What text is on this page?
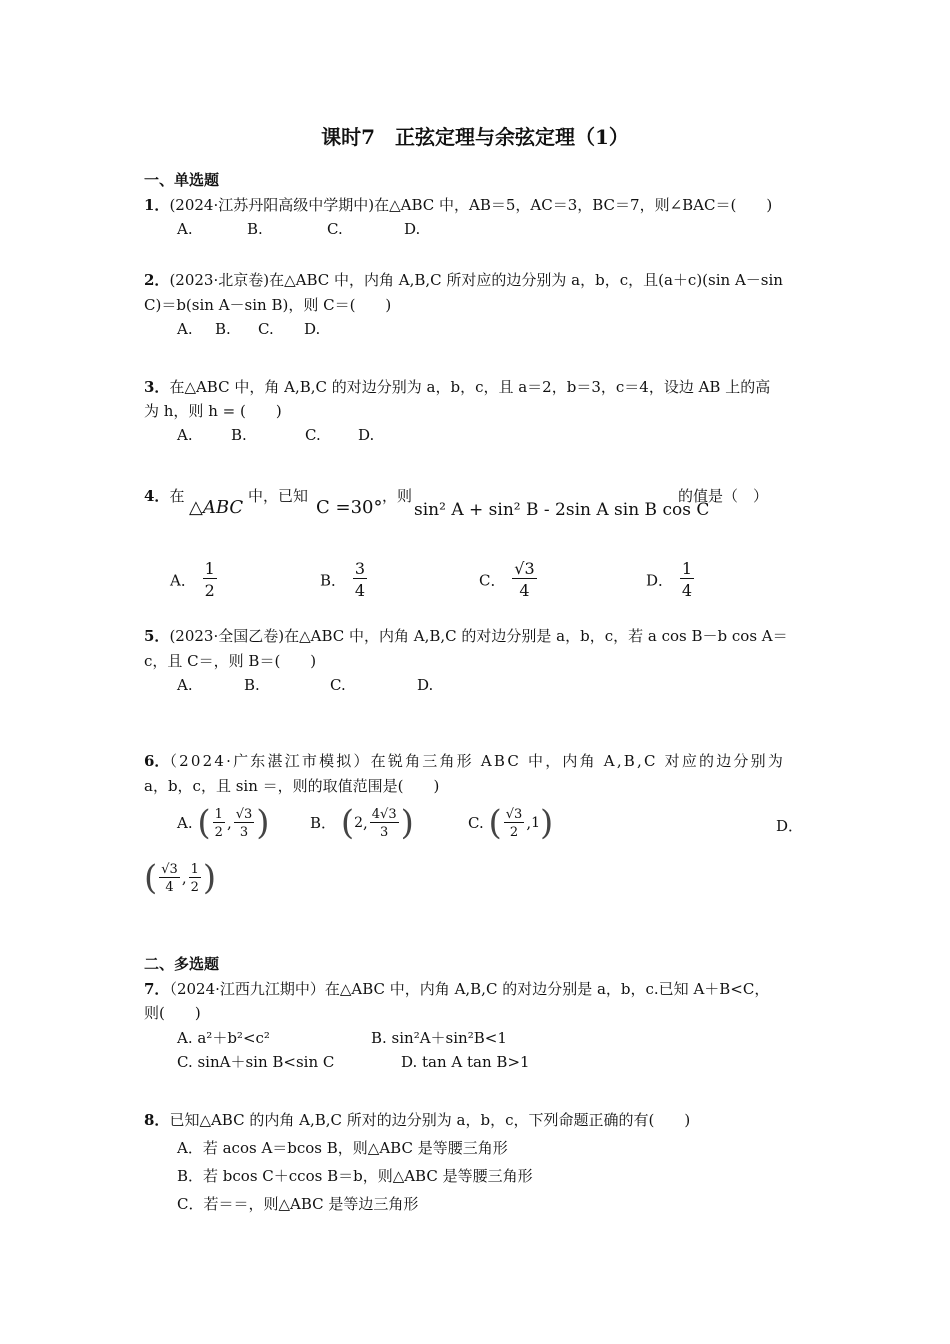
课时7　正弦定理与余弦定理（1）
一、单选题
1．(2024·江苏丹阳高级中学期中)在△ABC 中，AB＝5，AC＝3，BC＝7，则∠BAC＝(　　)
A.	B.	C.	D.
2．(2023·北京卷)在△ABC 中，内角 A,B,C 所对应的边分别为 a，b，c，且(a＋c)(sin A－sin
C)＝b(sin A－sin B)，则 C＝(　　)
A. B. C. D.
3．在△ABC 中，角 A,B,C 的对边分别为 a，b，c，且 a＝2，b＝3，c＝4，设边 AB 上的高
为 h，则 h = (　　)
A.	B.	C. D.
4．在
△ABC
中，已知
C =30°
，则
sin² A + sin² B - 2sin A sin B cos C
的值是（　）
A． $\frac{1}{2}$	B． $\frac{3}{4}$	C． $\frac{√3}{4}$	D． $\frac{1}{4}$
5．(2023·全国乙卷)在△ABC 中，内角 A,B,C 的对边分别是 a，b，c，若 a cos B－b cos A＝
c，且 C＝，则 B＝(　　)
A.	B.	C.	D.
6．（2024·广东湛江市模拟）在锐角三角形 ABC 中，内角 A,B,C 对应的边分别为
a，b，c，且 sin ＝，则的取值范围是(　　)
A. ( $\frac{1}{2}$ , $\frac{√3}{3}$ )	B． ( 2 , $\frac{4√3}{3}$ )	C. ( $\frac{√3}{2}$ , 1 )	D．
( $\frac{√3}{4}$ , $\frac{1}{2}$ )
二、多选题
7．（2024·江西九江期中）在△ABC 中，内角 A,B,C 的对边分别是 a，b，c.已知 A＋B<C，
则(　　)
A. a²＋b²<c²	B. sin²A＋sin²B<1
C. sinA＋sin B<sin C	D. tan A tan B>1
8．已知△ABC 的内角 A,B,C 所对的边分别为 a，b，c，下列命题正确的有(　　)
A．若 acos A＝bcos B，则△ABC 是等腰三角形
B．若 bcos C＋ccos B＝b，则△ABC 是等腰三角形
C．若＝＝，则△ABC 是等边三角形
